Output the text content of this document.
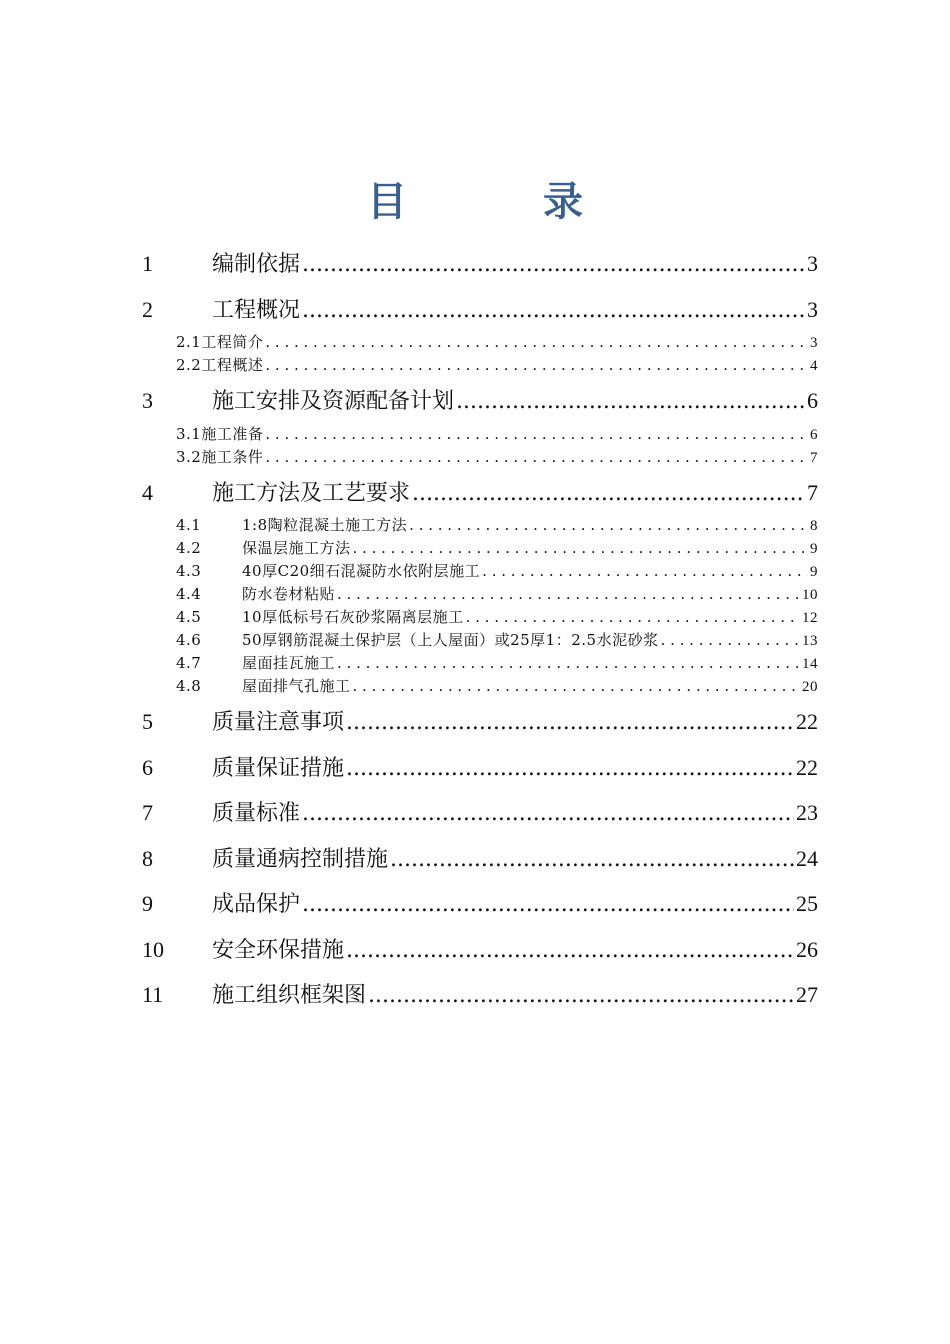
目　录
1	编制依据 .....	3
2	工程概况 .....	3
2.1 工程简介 . . .	3
2.2 工程概述 . . .	4
3	施工安排及资源配备计划 .....	6
3.1 施工准备 . . .	6
3.2 施工条件 . . .	7
4	施工方法及工艺要求 .....	7
4.1	1:8陶粒混凝土施工方法 . . .	8
4.2	保温层施工方法 . . .	9
4.3	40厚C20细石混凝防水依附层施工 . . .	9
4.4	防水卷材粘贴 . . .	10
4.5	10厚低标号石灰砂浆隔离层施工 . . .	12
4.6	50厚钢筋混凝土保护层（上人屋面）或25厚1：2.5水泥砂浆 . . .	13
4.7	屋面挂瓦施工 . . .	14
4.8	屋面排气孔施工 . . .	20
5	质量注意事项 .....	22
6	质量保证措施 .....	22
7	质量标准 .....	23
8	质量通病控制措施 .....	24
9	成品保护 .....	25
10	安全环保措施 .....	26
11	施工组织框架图 .....	27
